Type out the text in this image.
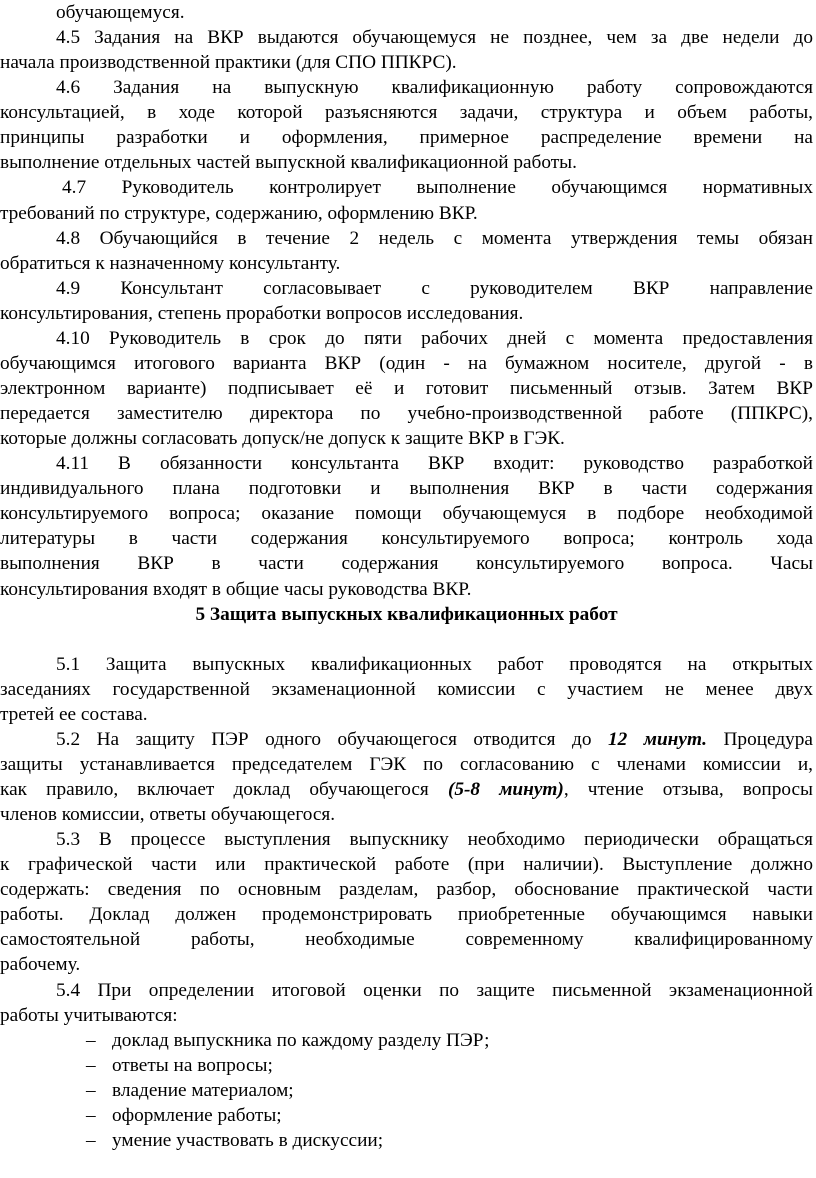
обучающемуся.
4.5 Задания на ВКР выдаются обучающемуся не позднее, чем за две недели до
начала производственной практики (для СПО ППКРС).
4.6 Задания на выпускную квалификационную работу сопровождаются
консультацией, в ходе которой разъясняются задачи, структура и объем работы,
принципы разработки и оформления, примерное распределение времени на
выполнение отдельных частей выпускной квалификационной работы.
4.7 Руководитель контролирует выполнение обучающимся нормативных
требований по структуре, содержанию, оформлению ВКР.
4.8 Обучающийся в течение 2 недель с момента утверждения темы обязан
обратиться к назначенному консультанту.
4.9 Консультант согласовывает с руководителем ВКР направление
консультирования, степень проработки вопросов исследования.
4.10 Руководитель в срок до пяти рабочих дней с момента предоставления
обучающимся итогового варианта ВКР (один - на бумажном носителе, другой - в
электронном варианте) подписывает её и готовит письменный отзыв. Затем ВКР
передается заместителю директора по учебно-производственной работе (ППКРС),
которые должны согласовать допуск/не допуск к защите ВКР в ГЭК.
4.11 В обязанности консультанта ВКР входит: руководство разработкой
индивидуального плана подготовки и выполнения ВКР в части содержания
консультируемого вопроса; оказание помощи обучающемуся в подборе необходимой
литературы в части содержания консультируемого вопроса; контроль хода
выполнения ВКР в части содержания консультируемого вопроса. Часы
консультирования входят в общие часы руководства ВКР.
5 Защита выпускных квалификационных работ
5.1 Защита выпускных квалификационных работ проводятся на открытых
заседаниях государственной экзаменационной комиссии с участием не менее двух
третей ее состава.
5.2 На защиту ПЭР одного обучающегося отводится до 12 минут. Процедура
защиты устанавливается председателем ГЭК по согласованию с членами комиссии и,
как правило, включает доклад обучающегося (5-8 минут), чтение отзыва, вопросы
членов комиссии, ответы обучающегося.
5.3 В процессе выступления выпускнику необходимо периодически обращаться
к графической части или практической работе (при наличии). Выступление должно
содержать: сведения по основным разделам, разбор, обоснование практической части
работы. Доклад должен продемонстрировать приобретенные обучающимся навыки
самостоятельной работы, необходимые современному квалифицированному
рабочему.
5.4 При определении итоговой оценки по защите письменной экзаменационной
работы учитываются:
– доклад выпускника по каждому разделу ПЭР;
– ответы на вопросы;
– владение материалом;
– оформление работы;
– умение участвовать в дискуссии;
